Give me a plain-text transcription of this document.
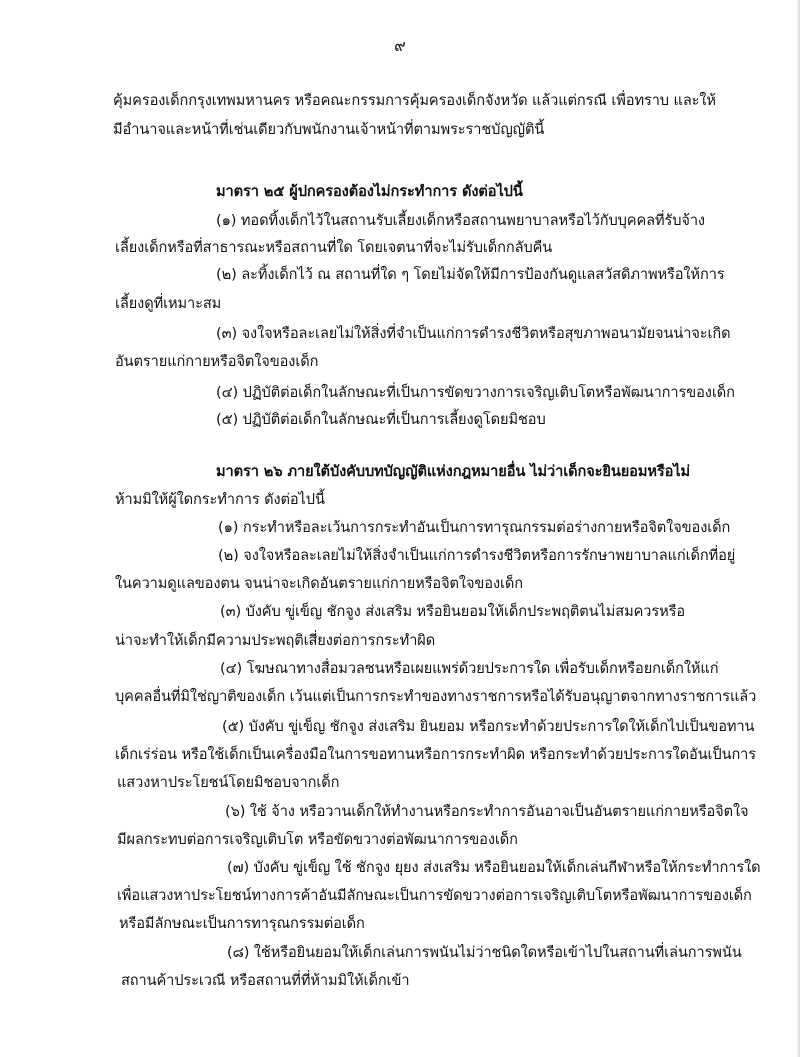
๙
คุ้มครองเด็กกรุงเทพมหานคร หรือคณะกรรมการคุ้มครองเด็กจังหวัด แล้วแต่กรณี เพื่อทราบ และให้
มีอำนาจและหน้าที่เช่นเดียวกับพนักงานเจ้าหน้าที่ตามพระราชบัญญัตินี้
มาตรา ๒๕ ผู้ปกครองต้องไม่กระทำการ ดังต่อไปนี้
(๑) ทอดทิ้งเด็กไว้ในสถานรับเลี้ยงเด็กหรือสถานพยาบาลหรือไว้กับบุคคลที่รับจ้าง
เลี้ยงเด็กหรือที่สาธารณะหรือสถานที่ใด โดยเจตนาที่จะไม่รับเด็กกลับคืน
(๒) ละทิ้งเด็กไว้ ณ สถานที่ใด ๆ โดยไม่จัดให้มีการป้องกันดูแลสวัสดิภาพหรือให้การ
เลี้ยงดูที่เหมาะสม
(๓) จงใจหรือละเลยไม่ให้สิ่งที่จำเป็นแก่การดำรงชีวิตหรือสุขภาพอนามัยจนน่าจะเกิด
อันตรายแก่กายหรือจิตใจของเด็ก
(๔) ปฏิบัติต่อเด็กในลักษณะที่เป็นการขัดขวางการเจริญเติบโตหรือพัฒนาการของเด็ก
(๕) ปฏิบัติต่อเด็กในลักษณะที่เป็นการเลี้ยงดูโดยมิชอบ
มาตรา ๒๖ ภายใต้บังคับบทบัญญัติแห่งกฎหมายอื่น ไม่ว่าเด็กจะยินยอมหรือไม่
ห้ามมิให้ผู้ใดกระทำการ ดังต่อไปนี้
(๑) กระทำหรือละเว้นการกระทำอันเป็นการทารุณกรรมต่อร่างกายหรือจิตใจของเด็ก
(๒) จงใจหรือละเลยไม่ให้สิ่งจำเป็นแก่การดำรงชีวิตหรือการรักษาพยาบาลแก่เด็กที่อยู่
ในความดูแลของตน จนน่าจะเกิดอันตรายแก่กายหรือจิตใจของเด็ก
(๓) บังคับ ขู่เข็ญ ชักจูง ส่งเสริม หรือยินยอมให้เด็กประพฤติตนไม่สมควรหรือ
น่าจะทำให้เด็กมีความประพฤติเสี่ยงต่อการกระทำผิด
(๔) โฆษณาทางสื่อมวลชนหรือเผยแพร่ด้วยประการใด เพื่อรับเด็กหรือยกเด็กให้แก่
บุคคลอื่นที่มิใช่ญาติของเด็ก เว้นแต่เป็นการกระทำของทางราชการหรือได้รับอนุญาตจากทางราชการแล้ว
(๕) บังคับ ขู่เข็ญ ชักจูง ส่งเสริม ยินยอม หรือกระทำด้วยประการใดให้เด็กไปเป็นขอทาน
เด็กเร่ร่อน หรือใช้เด็กเป็นเครื่องมือในการขอทานหรือการกระทำผิด หรือกระทำด้วยประการใดอันเป็นการ
แสวงหาประโยชน์โดยมิชอบจากเด็ก
(๖) ใช้ จ้าง หรือวานเด็กให้ทำงานหรือกระทำการอันอาจเป็นอันตรายแก่กายหรือจิตใจ
มีผลกระทบต่อการเจริญเติบโต หรือขัดขวางต่อพัฒนาการของเด็ก
(๗) บังคับ ขู่เข็ญ ใช้ ชักจูง ยุยง ส่งเสริม หรือยินยอมให้เด็กเล่นกีฬาหรือให้กระทำการใด
เพื่อแสวงหาประโยชน์ทางการค้าอันมีลักษณะเป็นการขัดขวางต่อการเจริญเติบโตหรือพัฒนาการของเด็ก
หรือมีลักษณะเป็นการทารุณกรรมต่อเด็ก
(๘) ใช้หรือยินยอมให้เด็กเล่นการพนันไม่ว่าชนิดใดหรือเข้าไปในสถานที่เล่นการพนัน
สถานค้าประเวณี หรือสถานที่ที่ห้ามมิให้เด็กเข้า
